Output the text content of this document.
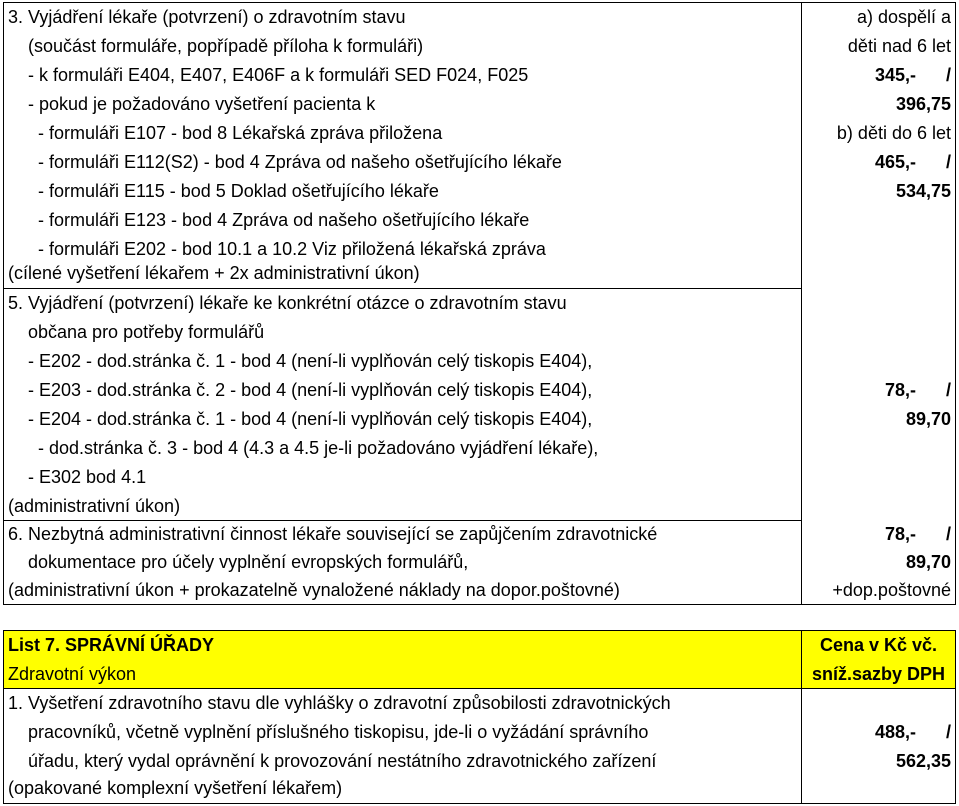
3. Vyjádření lékaře (potvrzení) o zdravotním stavu
(součást formuláře, popřípadě příloha k formuláři)
- k formuláři E404, E407, E406F a k formuláři SED F024, F025
- pokud je požadováno vyšetření pacienta k
- formuláři E107 - bod 8 Lékařská zpráva přiložena
- formuláři E112(S2) - bod 4 Zpráva od našeho ošetřujícího lékaře
- formuláři E115 - bod 5 Doklad ošetřujícího lékaře
- formuláři E123 - bod 4 Zpráva od našeho ošetřujícího lékaře
- formuláři E202 - bod 10.1 a 10.2 Viz přiložená lékařská zpráva
(cílené vyšetření lékařem + 2x administrativní úkon)
a) dospělí a
děti nad 6 let
345,-      /
396,75
b) děti do 6 let
465,-      /
534,75
5. Vyjádření (potvrzení) lékaře ke konkrétní otázce o zdravotním stavu
občana pro potřeby formulářů
- E202 - dod.stránka č. 1 - bod 4 (není-li vyplňován celý tiskopis E404),
- E203 - dod.stránka č. 2 - bod 4 (není-li vyplňován celý tiskopis E404),
- E204 - dod.stránka č. 1 - bod 4 (není-li vyplňován celý tiskopis E404),
- dod.stránka č. 3 - bod 4 (4.3 a 4.5 je-li požadováno vyjádření lékaře),
- E302 bod 4.1
(administrativní úkon)
78,-      /
89,70
6. Nezbytná administrativní činnost lékaře související se zapůjčením zdravotnické
dokumentace pro účely vyplnění evropských formulářů,
(administrativní úkon + prokazatelně vynaložené náklady na dopor.poštovné)
78,-      /
89,70
+dop.poštovné
List 7. SPRÁVNÍ ÚŘADY
Zdravotní výkon
Cena v Kč vč.
sníž.sazby DPH
1. Vyšetření zdravotního stavu dle vyhlášky o zdravotní způsobilosti zdravotnických
pracovníků, včetně vyplnění příslušného tiskopisu, jde-li o vyžádání správního
úřadu, který vydal oprávnění k provozování nestátního zdravotnického zařízení
(opakované komplexní vyšetření lékařem)
488,-      /
562,35
